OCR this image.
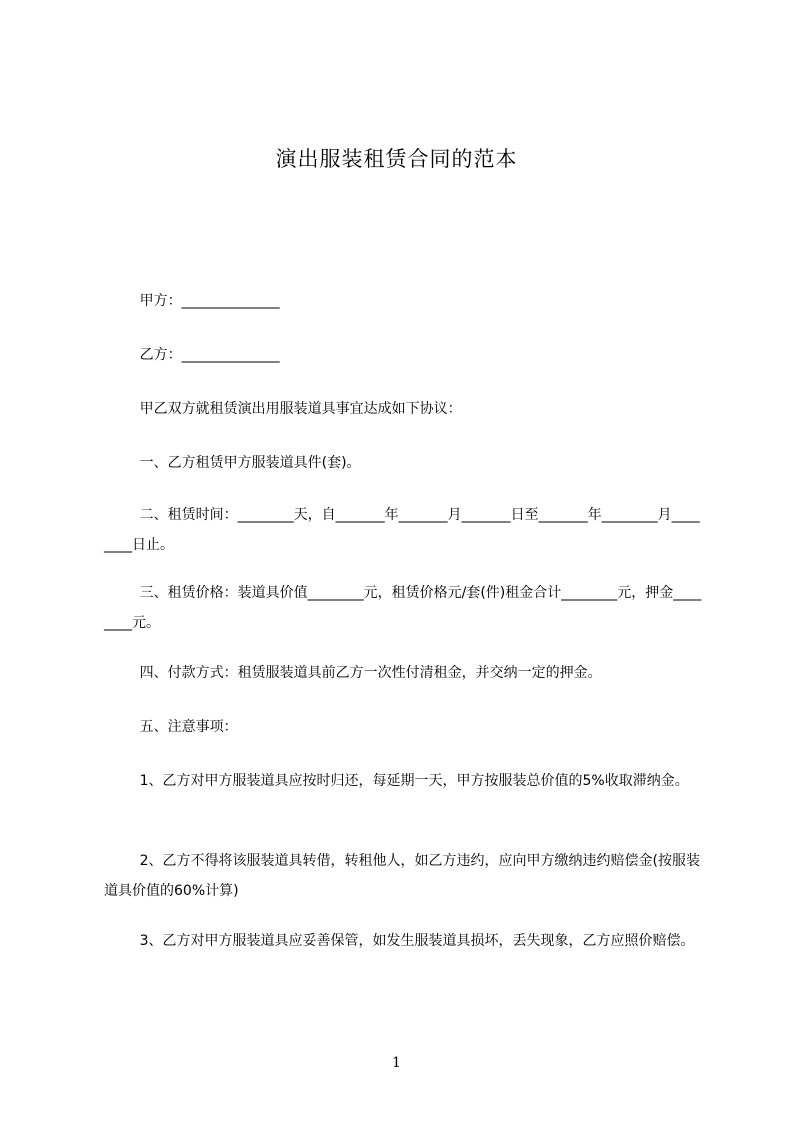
演出服装租赁合同的范本
甲方：______________
乙方：______________
甲乙双方就租赁演出用服装道具事宜达成如下协议：
一、乙方租赁甲方服装道具件(套)。
二、租赁时间：________天，自_______年_______月_______日至_______年________月________日止。
三、租赁价格：装道具价值________元，租赁价格元/套(件)租金合计________元，押金________元。
四、付款方式：租赁服装道具前乙方一次性付清租金，并交纳一定的押金。
五、注意事项：
1、乙方对甲方服装道具应按时归还，每延期一天，甲方按服装总价值的5%收取滞纳金。
2、乙方不得将该服装道具转借，转租他人，如乙方违约，应向甲方缴纳违约赔偿金(按服装道具价值的60%计算)
3、乙方对甲方服装道具应妥善保管，如发生服装道具损坏，丢失现象，乙方应照价赔偿。
1
